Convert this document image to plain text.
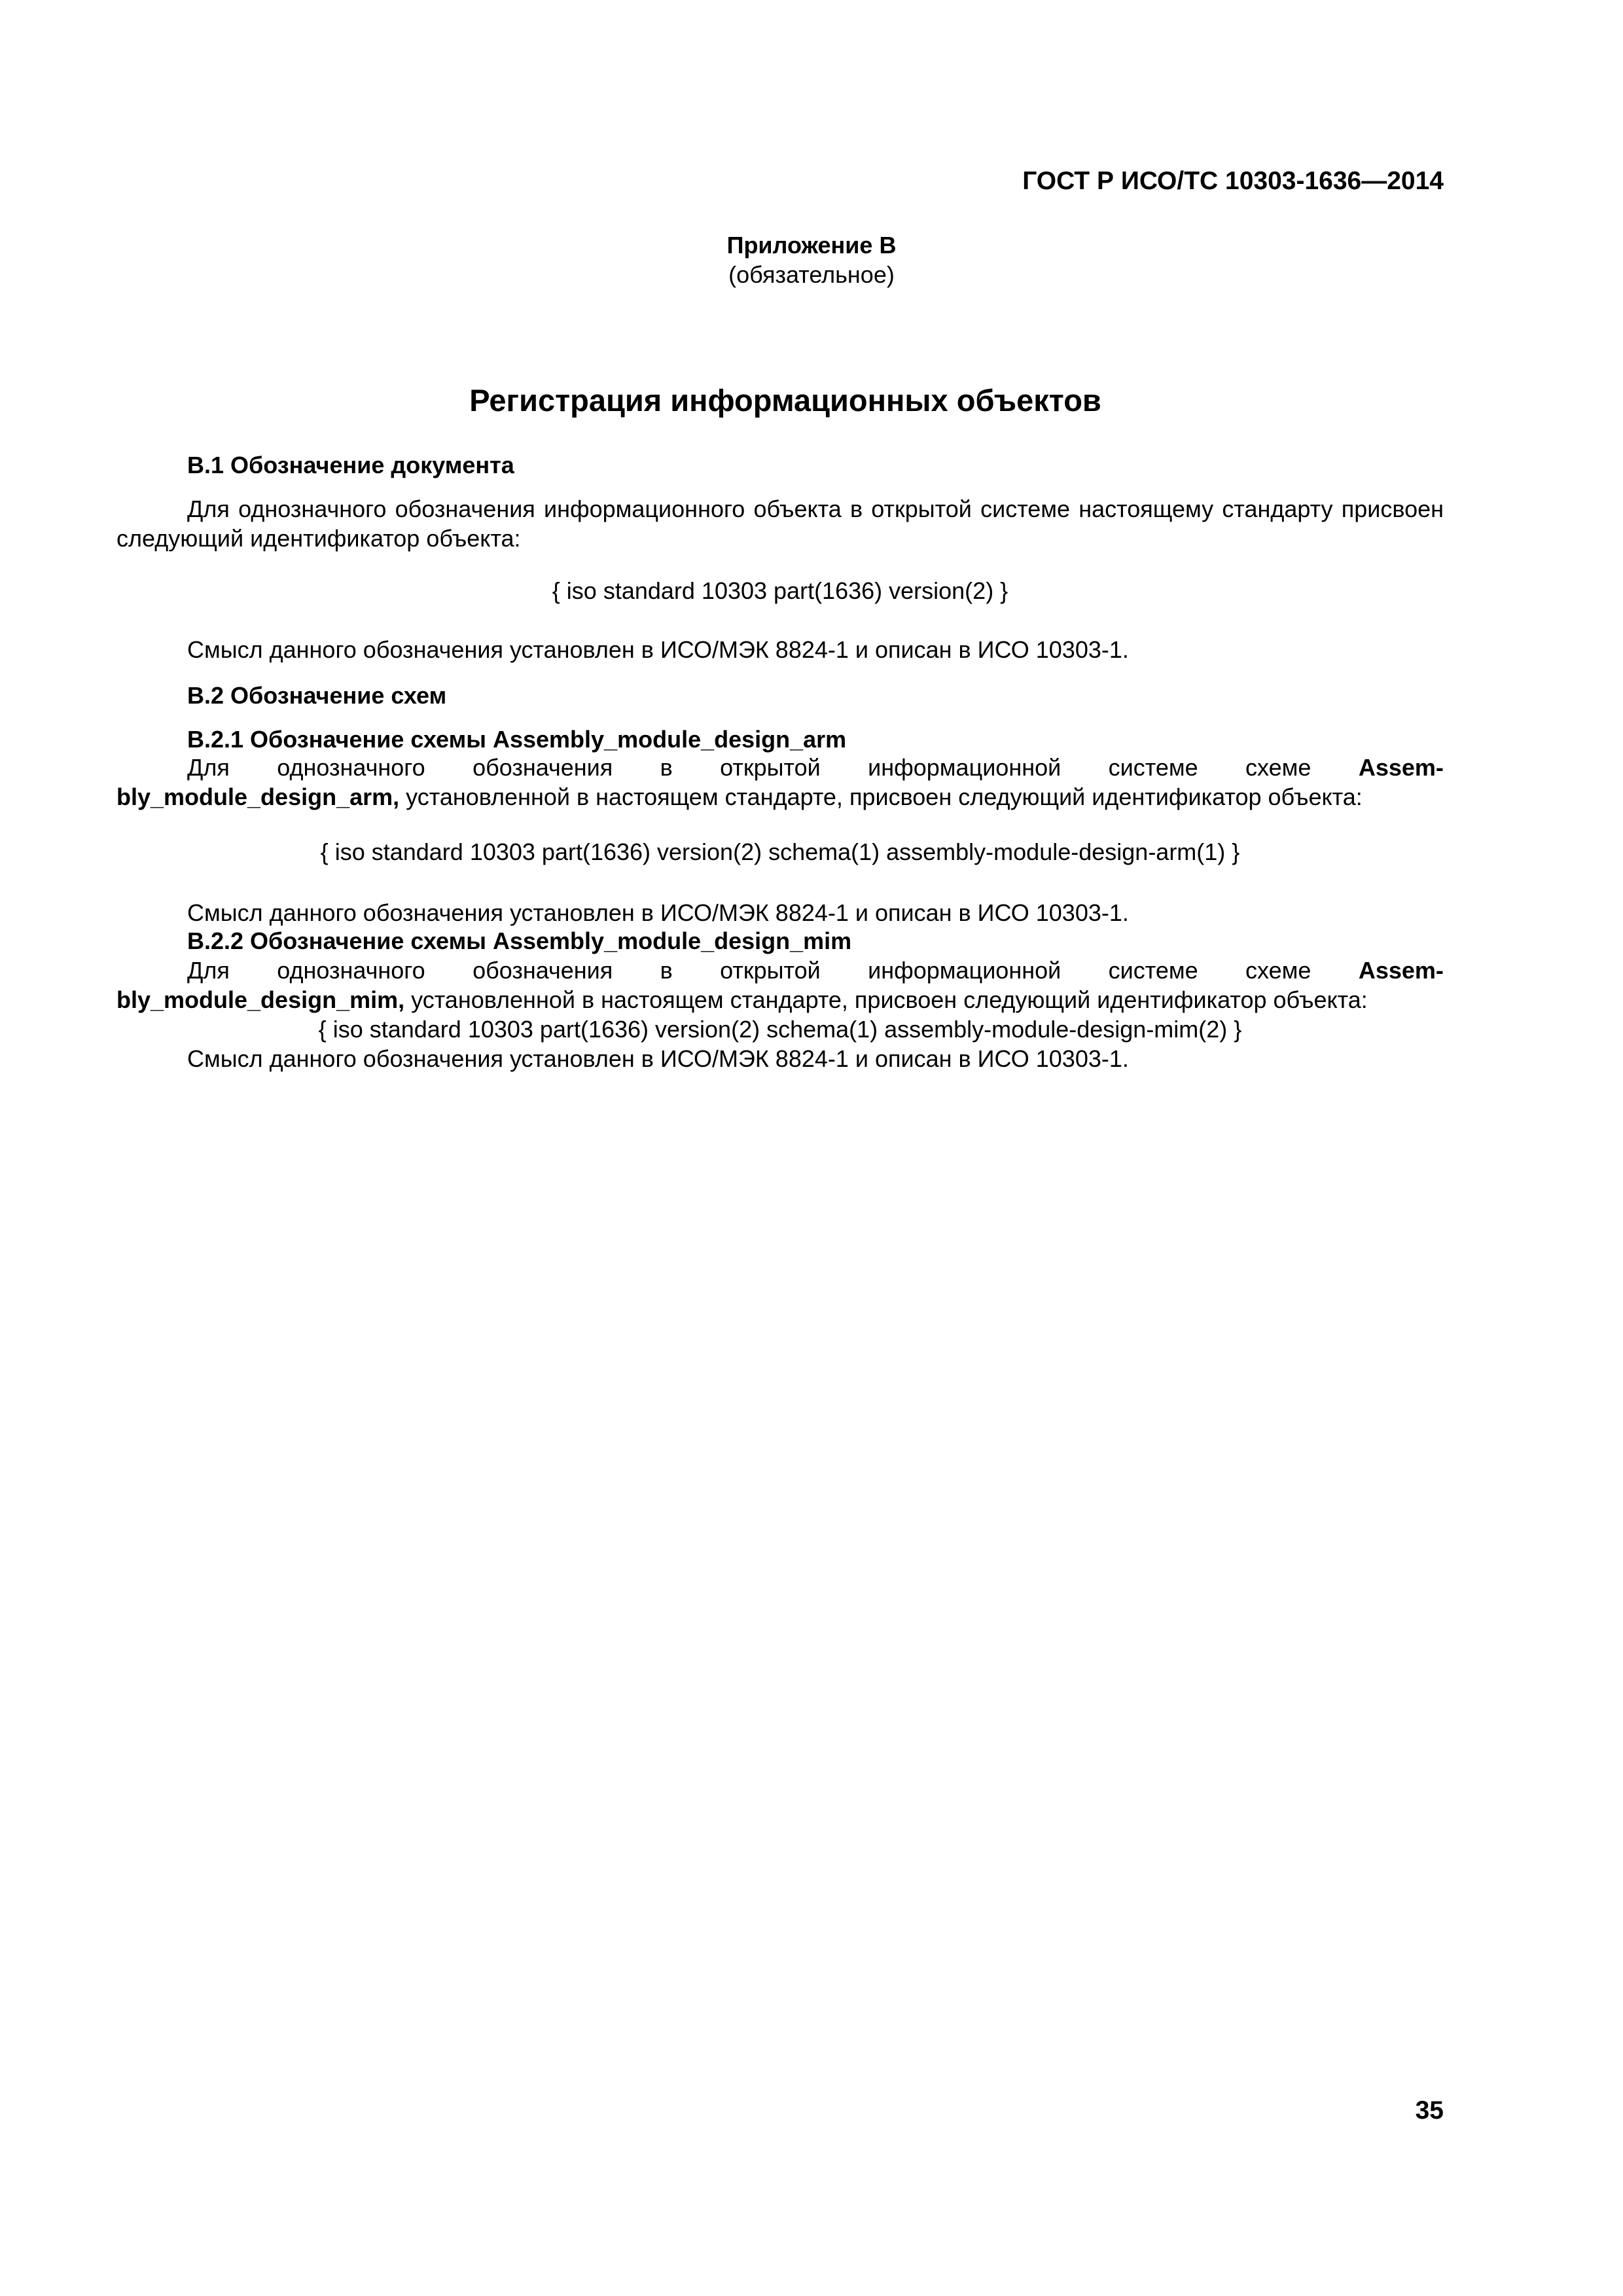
ГОСТ Р ИСО/ТС 10303-1636—2014
Приложение В
(обязательное)
Регистрация информационных объектов
В.1 Обозначение документа
Для однозначного обозначения информационного объекта в открытой системе настоящему стандарту присвоен следующий идентификатор объекта:
{ iso standard 10303 part(1636) version(2) }
Смысл данного обозначения установлен в ИСО/МЭК 8824-1 и описан в ИСО 10303-1.
В.2 Обозначение схем
В.2.1 Обозначение схемы Assembly_module_design_arm
Для однозначного обозначения в открытой информационной системе схеме Assem-
bly_module_design_arm, установленной в настоящем стандарте, присвоен следующий идентификатор объекта:
{ iso standard 10303 part(1636) version(2) schema(1) assembly-module-design-arm(1) }
Смысл данного обозначения установлен в ИСО/МЭК 8824-1 и описан в ИСО 10303-1.
В.2.2 Обозначение схемы Assembly_module_design_mim
Для однозначного обозначения в открытой информационной системе схеме Assem-
bly_module_design_mim, установленной в настоящем стандарте, присвоен следующий идентификатор объекта:
{ iso standard 10303 part(1636) version(2) schema(1) assembly-module-design-mim(2) }
Смысл данного обозначения установлен в ИСО/МЭК 8824-1 и описан в ИСО 10303-1.
35
